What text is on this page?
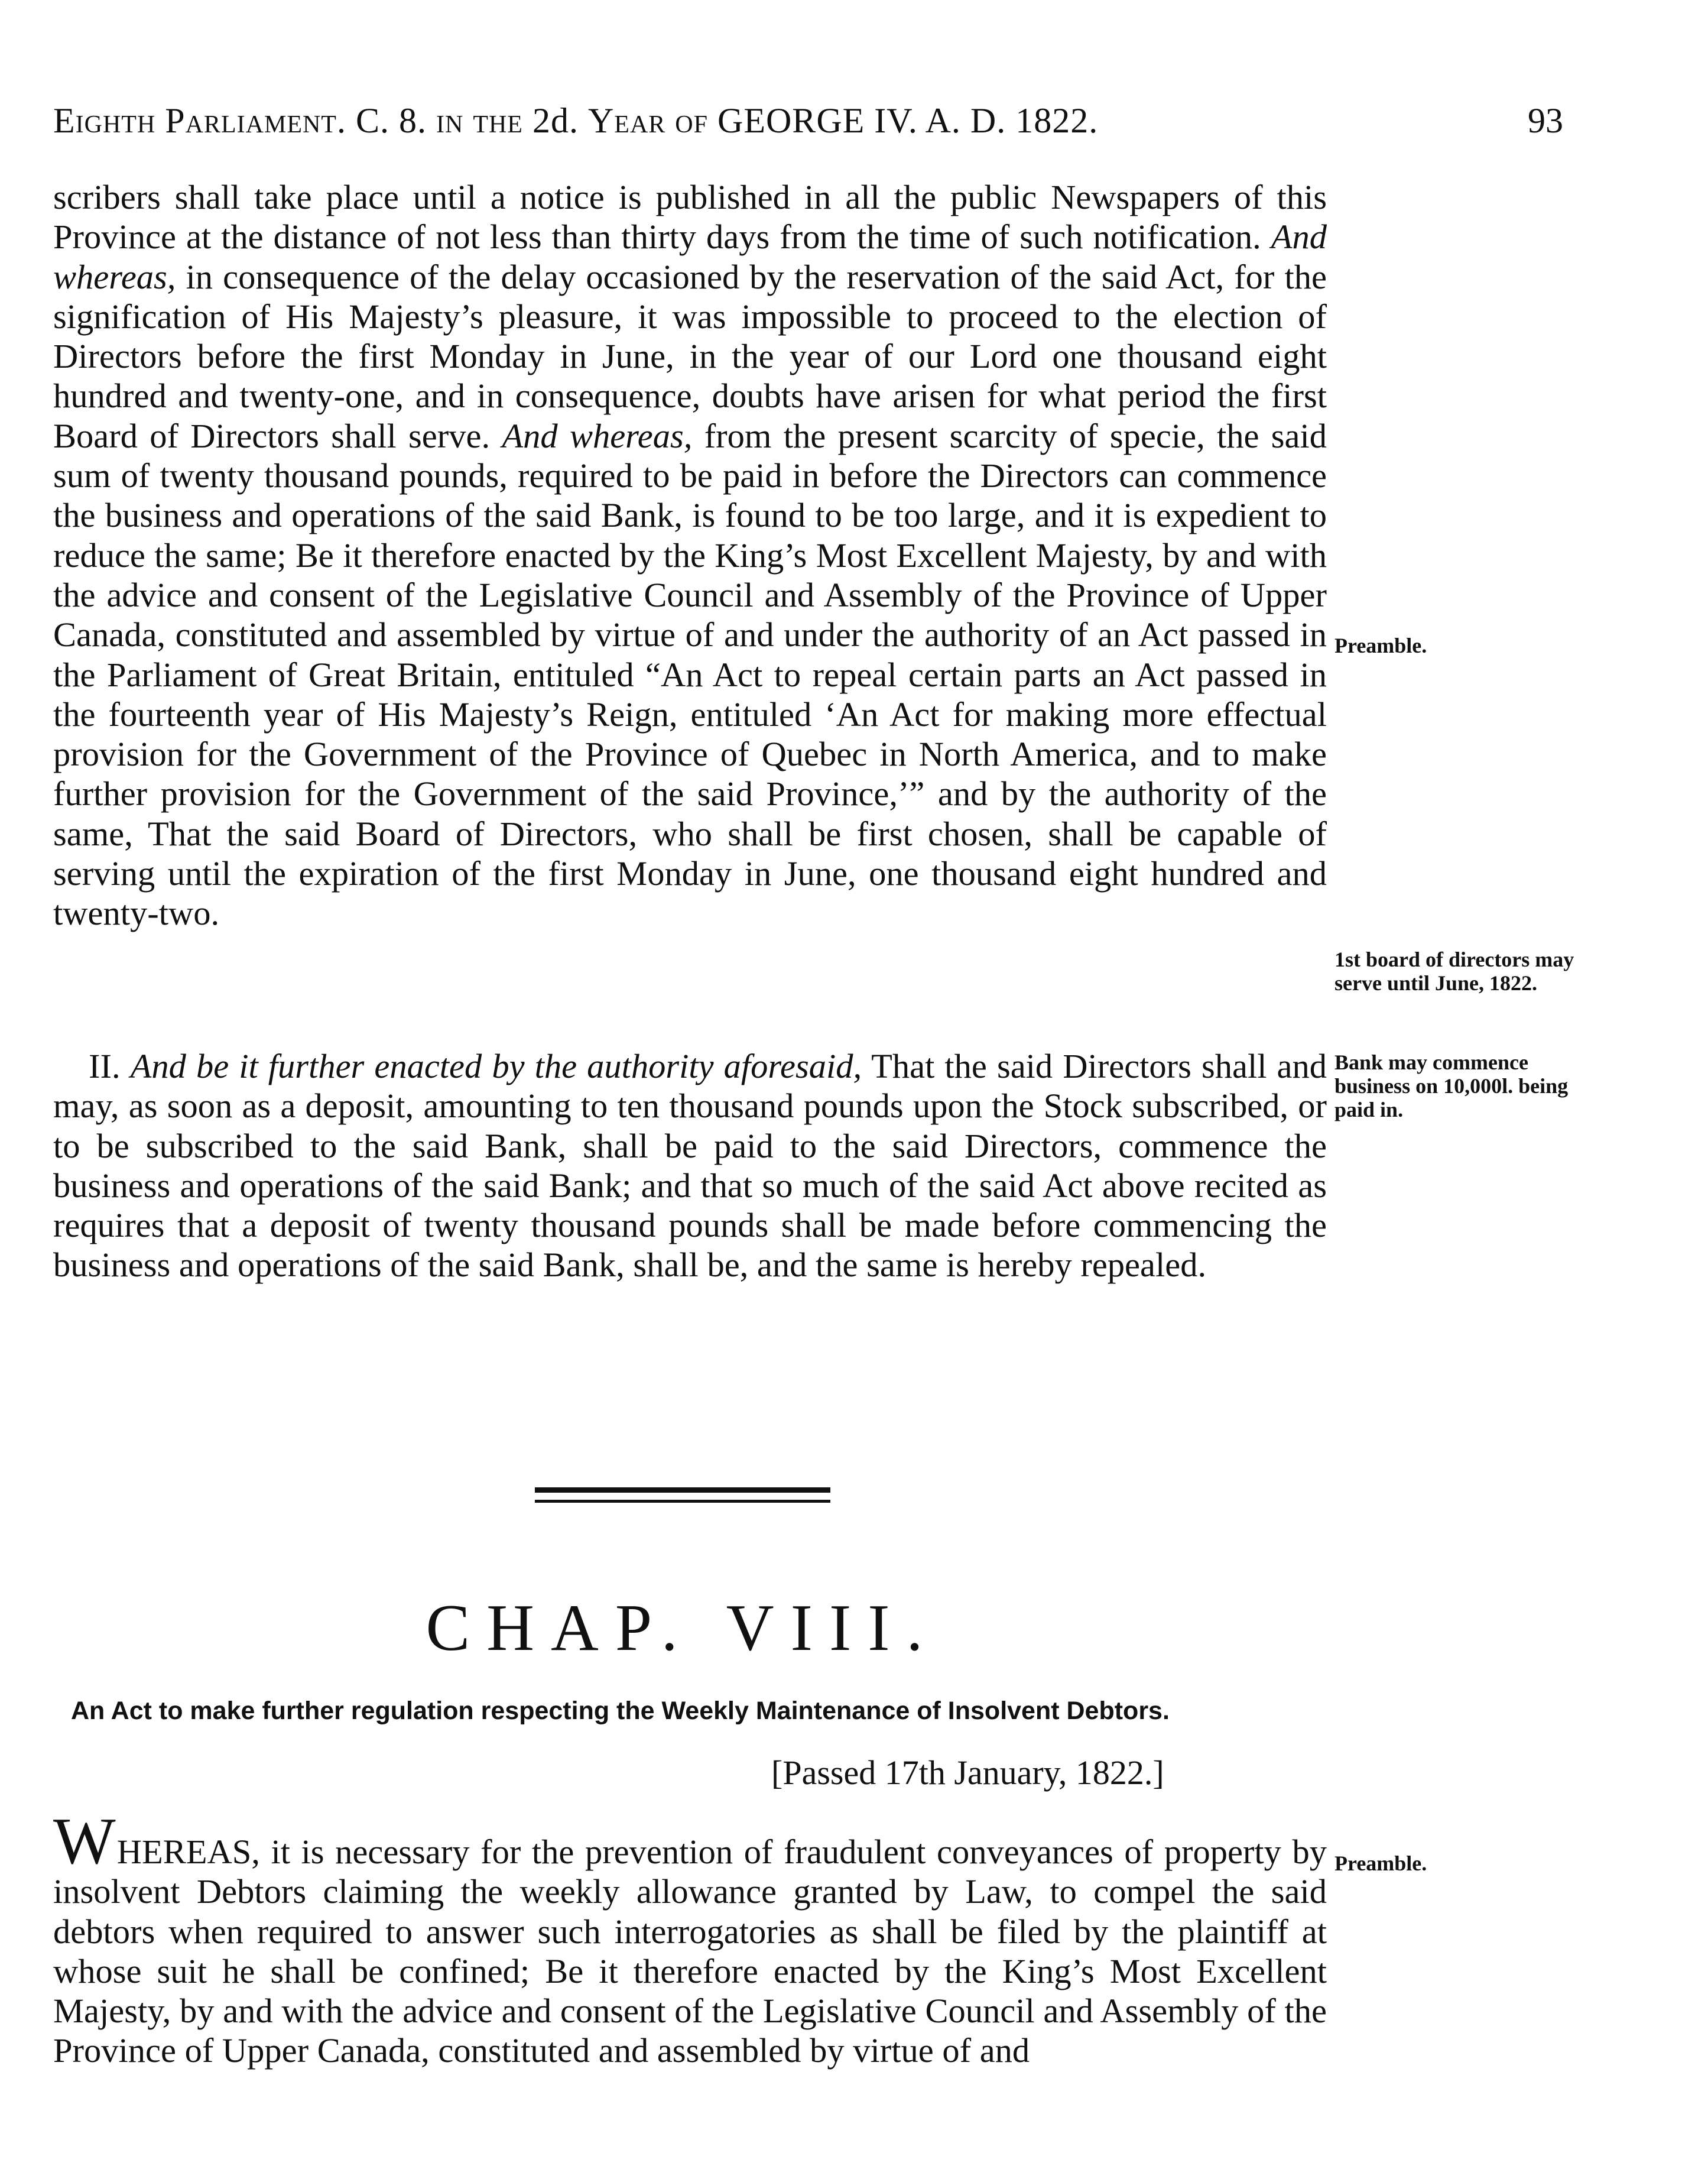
Eighth Parliament. C. 8. in the 2d. Year of GEORGE IV. A. D. 1822.	93
scribers shall take place until a notice is published in all the public Newspapers of this Province at the distance of not less than thirty days from the time of such notification. And whereas, in consequence of the delay occasioned by the reservation of the said Act, for the signification of His Majesty’s pleasure, it was impossible to proceed to the election of Directors before the first Monday in June, in the year of our Lord one thousand eight hundred and twenty-one, and in consequence, doubts have arisen for what period the first Board of Directors shall serve. And whereas, from the present scarcity of specie, the said sum of twenty thousand pounds, required to be paid in before the Directors can commence the business and operations of the said Bank, is found to be too large, and it is expedient to reduce the same; Be it therefore enacted by the King’s Most Excellent Majesty, by and with the advice and consent of the Legislative Council and Assembly of the Province of Upper Canada, constituted and assembled by virtue of and under the authority of an Act passed in the Parliament of Great Britain, entituled “An Act to repeal certain parts an Act passed in the fourteenth year of His Majesty’s Reign, entituled ‘An Act for making more effectual provision for the Government of the Province of Quebec in North America, and to make further provision for the Government of the said Province,’” and by the authority of the same, That the said Board of Directors, who shall be first chosen, shall be capable of serving until the expiration of the first Monday in June, one thousand eight hundred and twenty-two.
Preamble.
1st board of directors may serve until June, 1822.
Bank may commence business on 10,000l. being paid in.
II. And be it further enacted by the authority aforesaid, That the said Directors shall and may, as soon as a deposit, amounting to ten thousand pounds upon the Stock subscribed, or to be subscribed to the said Bank, shall be paid to the said Directors, commence the business and operations of the said Bank; and that so much of the said Act above recited as requires that a deposit of twenty thousand pounds shall be made before commencing the business and operations of the said Bank, shall be, and the same is hereby repealed.
CHAP. VIII.
An Act to make further regulation respecting the Weekly Maintenance of Insolvent Debtors.
[Passed 17th January, 1822.]
WHEREAS, it is necessary for the prevention of fraudulent conveyances of property by insolvent Debtors claiming the weekly allowance granted by Law, to compel the said debtors when required to answer such interrogatories as shall be filed by the plaintiff at whose suit he shall be confined; Be it therefore enacted by the King’s Most Excellent Majesty, by and with the advice and consent of the Legislative Council and Assembly of the Province of Upper Canada, constituted and assembled by virtue of and
Preamble.
